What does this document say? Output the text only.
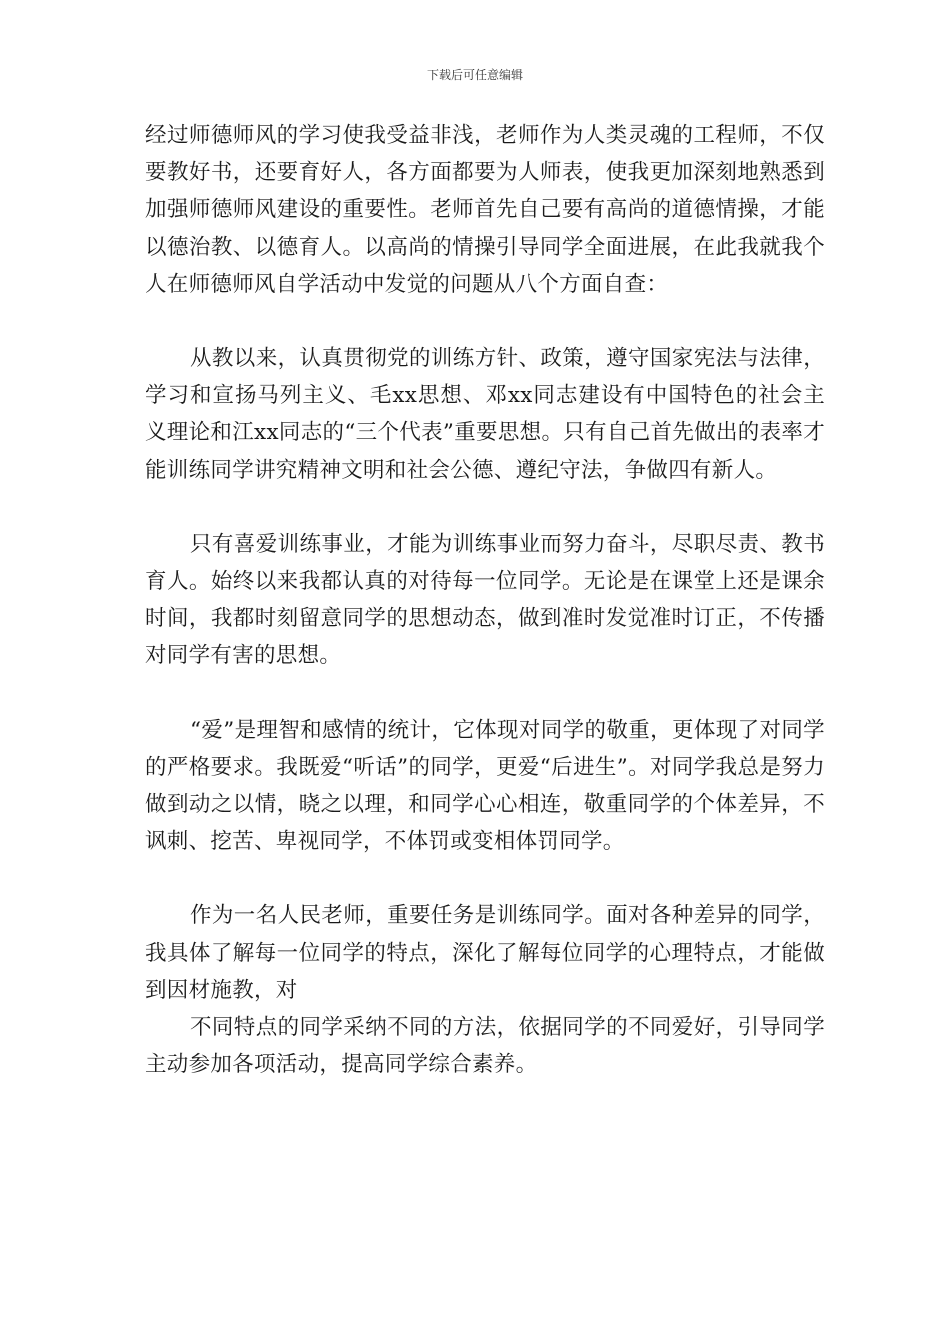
下载后可任意编辑

经过师德师风的学习使我受益非浅，老师作为人类灵魂的工程师，不仅要教好书，还要育好人，各方面都要为人师表，使我更加深刻地熟悉到加强师德师风建设的重要性。老师首先自己要有高尚的道德情操，才能以德治教、以德育人。以高尚的情操引导同学全面进展，在此我就我个人在师德师风自学活动中发觉的问题从八个方面自查：

从教以来，认真贯彻党的训练方针、政策，遵守国家宪法与法律，学习和宣扬马列主义、毛xx思想、邓xx同志建设有中国特色的社会主义理论和江xx同志的“三个代表”重要思想。只有自己首先做出的表率才能训练同学讲究精神文明和社会公德、遵纪守法，争做四有新人。

只有喜爱训练事业，才能为训练事业而努力奋斗，尽职尽责、教书育人。始终以来我都认真的对待每一位同学。无论是在课堂上还是课余时间，我都时刻留意同学的思想动态，做到准时发觉准时订正，不传播对同学有害的思想。

“爱”是理智和感情的统计，它体现对同学的敬重，更体现了对同学的严格要求。我既爱“听话”的同学，更爱“后进生”。对同学我总是努力做到动之以情，晓之以理，和同学心心相连，敬重同学的个体差异，不讽刺、挖苦、卑视同学，不体罚或变相体罚同学。

作为一名人民老师，重要任务是训练同学。面对各种差异的同学，我具体了解每一位同学的特点，深化了解每位同学的心理特点，才能做到因材施教，对

不同特点的同学采纳不同的方法，依据同学的不同爱好，引导同学主动参加各项活动，提高同学综合素养。
